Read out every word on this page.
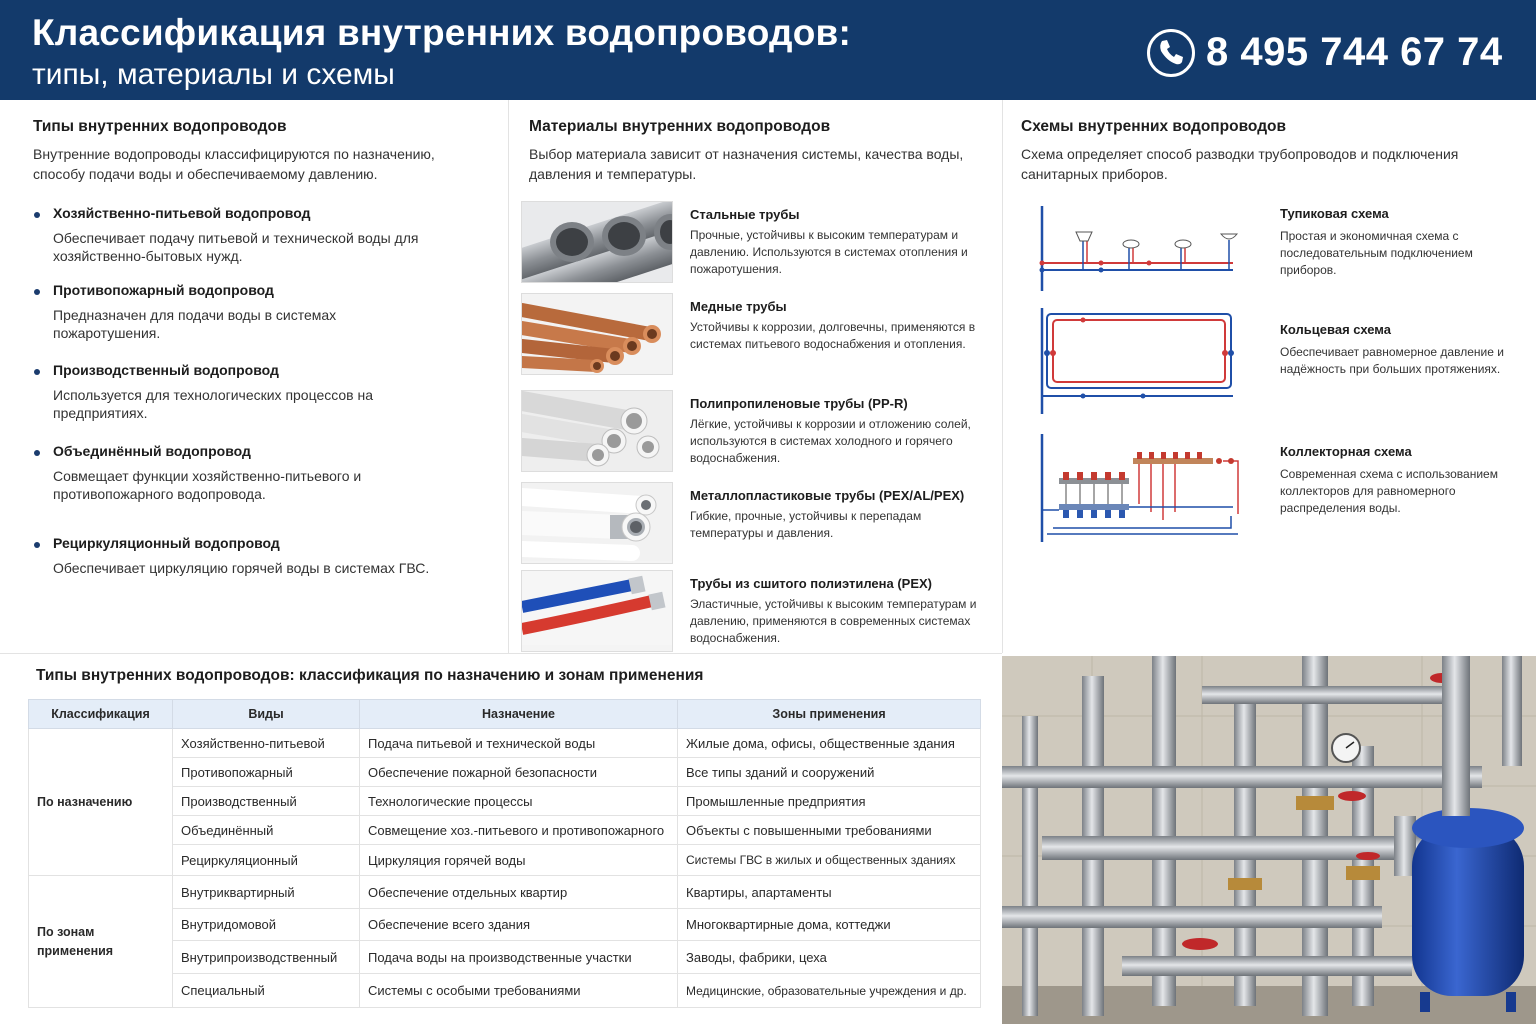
Классификация внутренних водопроводов:
типы, материалы и схемы
8 495 744 67 74
Типы внутренних водопроводов
Внутренние водопроводы классифицируются по назначению, способу подачи воды и обеспечиваемому давлению.
Хозяйственно-питьевой водопровод
Обеспечивает подачу питьевой и технической воды для хозяйственно-бытовых нужд.
Противопожарный водопровод
Предназначен для подачи воды в системах пожаротушения.
Производственный водопровод
Используется для технологических процессов на предприятиях.
Объединённый водопровод
Совмещает функции хозяйственно-питьевого и противопожарного водопровода.
Рециркуляционный водопровод
Обеспечивает циркуляцию горячей воды в системах ГВС.
Материалы внутренних водопроводов
Выбор материала зависит от назначения системы, качества воды, давления и температуры.
Стальные трубы
Прочные, устойчивы к высоким температурам и давлению. Используются в системах отопления и пожаротушения.
Медные трубы
Устойчивы к коррозии, долговечны, применяются в системах питьевого водоснабжения и отопления.
Полипропиленовые трубы (PP-R)
Лёгкие, устойчивы к коррозии и отложению солей, используются в системах холодного и горячего водоснабжения.
Металлопластиковые трубы (PEX/AL/PEX)
Гибкие, прочные, устойчивы к перепадам температуры и давления.
Трубы из сшитого полиэтилена (PEX)
Эластичные, устойчивы к высоким температурам и давлению, применяются в современных системах водоснабжения.
Схемы внутренних водопроводов
Схема определяет способ разводки трубопроводов и подключения санитарных приборов.
Тупиковая схема
Простая и экономичная схема с последовательным подключением приборов.
Кольцевая схема
Обеспечивает равномерное давление и надёжность при больших протяжениях.
Коллекторная схема
Современная схема с использованием коллекторов для равномерного распределения воды.
Типы внутренних водопроводов: классификация по назначению и зонам применения
Классификация	Виды	Назначение	Зоны применения
По назначению	Хозяйственно-питьевой	Подача питьевой и технической воды	Жилые дома, офисы, общественные здания
	Противопожарный	Обеспечение пожарной безопасности	Все типы зданий и сооружений
	Производственный	Технологические процессы	Промышленные предприятия
	Объединённый	Совмещение хоз.-питьевого и противопожарного	Объекты с повышенными требованиями
	Рециркуляционный	Циркуляция горячей воды	Системы ГВС в жилых и общественных зданиях
По зонам применения	Внутриквартирный	Обеспечение отдельных квартир	Квартиры, апартаменты
	Внутридомовой	Обеспечение всего здания	Многоквартирные дома, коттеджи
	Внутрипроизводственный	Подача воды на производственные участки	Заводы, фабрики, цеха
	Специальный	Системы с особыми требованиями	Медицинские, образовательные учреждения и др.
